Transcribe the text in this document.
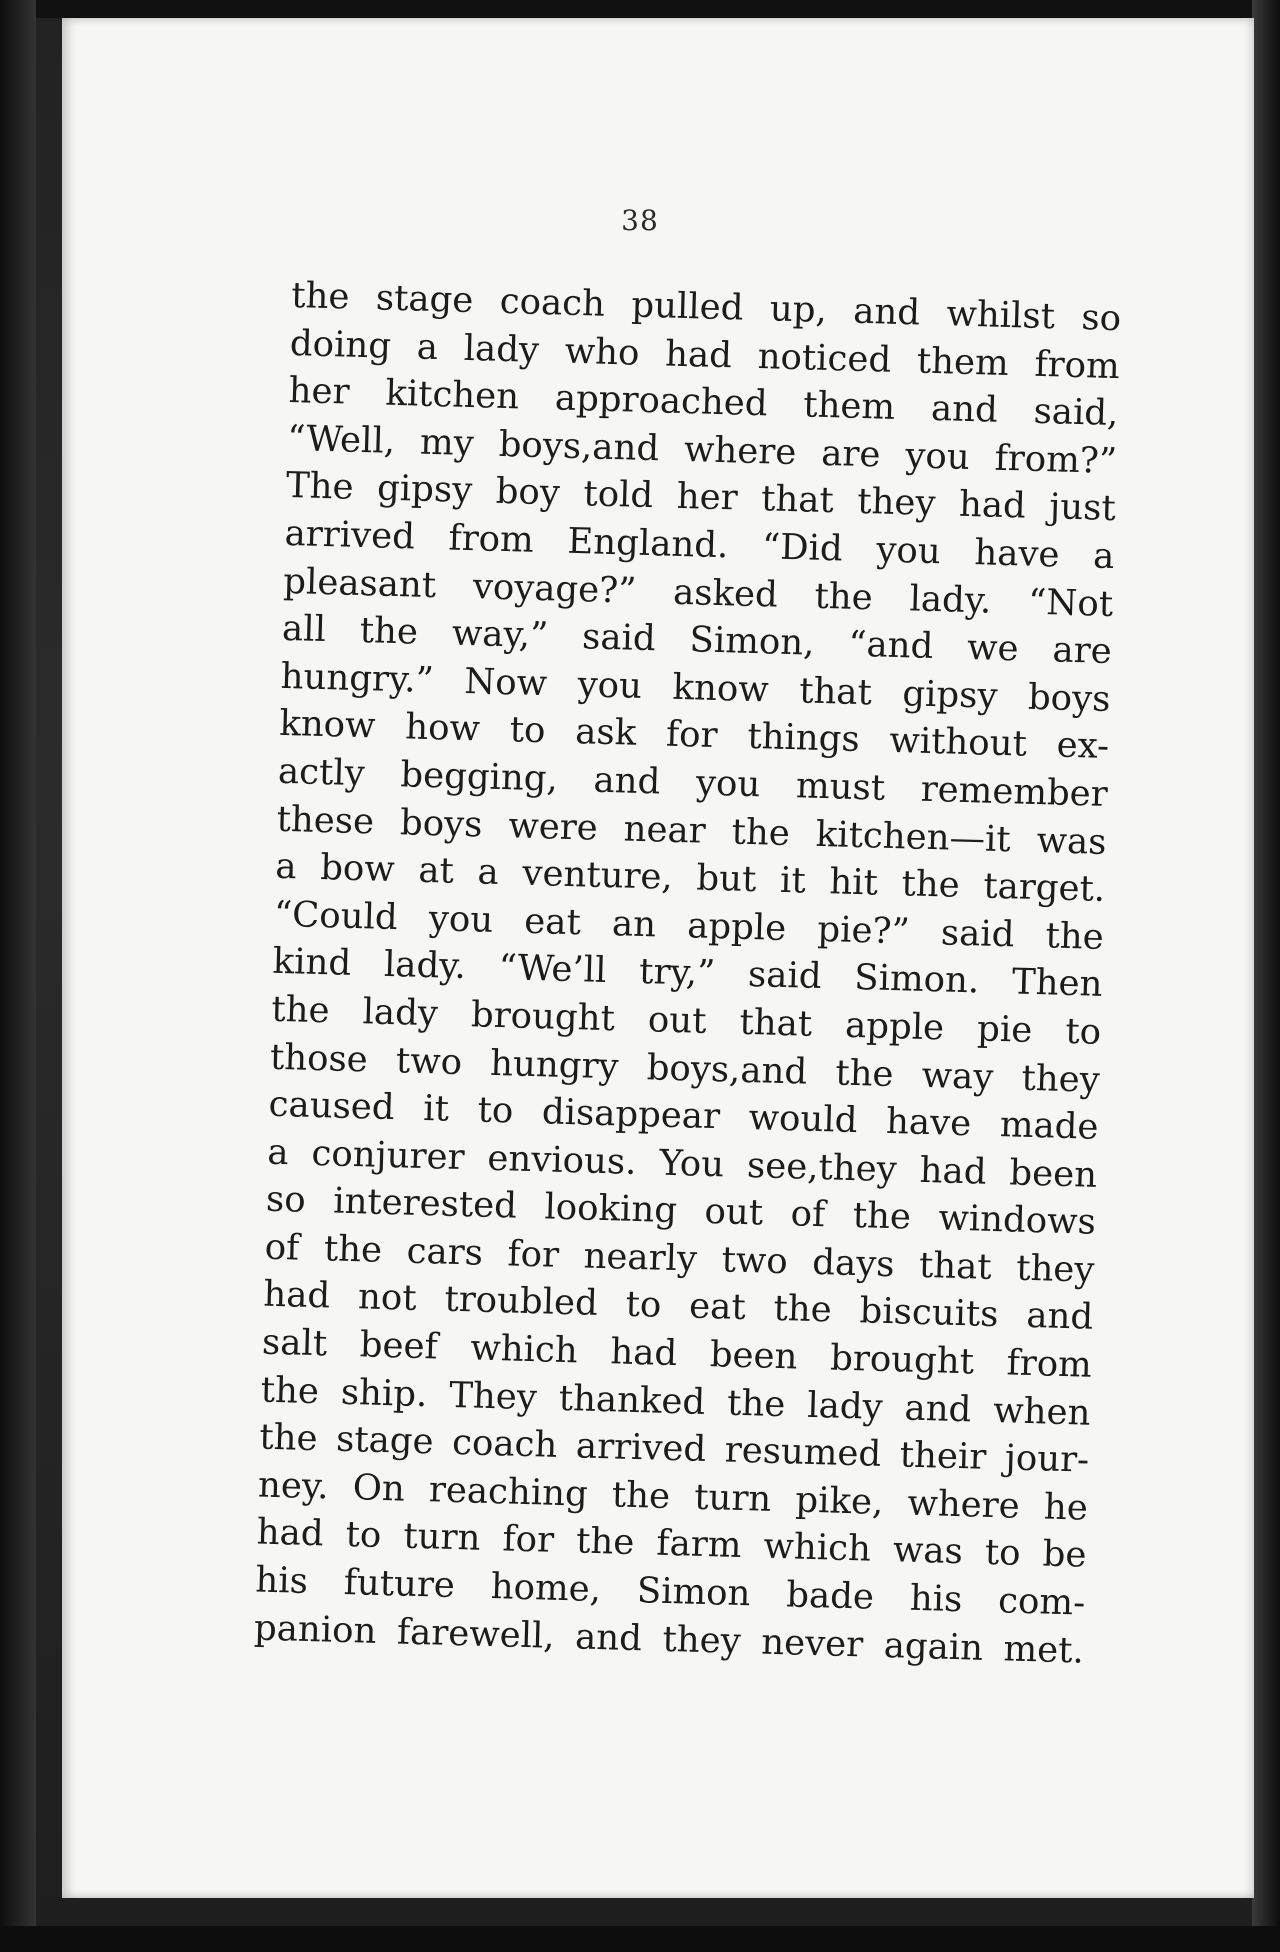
38
the stage coach pulled up, and whilst so
doing a lady who had noticed them from
her kitchen approached them and said,
“Well, my boys,and where are you from?”
The gipsy boy told her that they had just
arrived from England. “Did you have a
pleasant voyage?” asked the lady. “Not
all the way,” said Simon, “and we are
hungry.” Now you know that gipsy boys
know how to ask for things without ex-
actly begging, and you must remember
these boys were near the kitchen—it was
a bow at a venture, but it hit the target.
“Could you eat an apple pie?” said the
kind lady. “We’ll try,” said Simon. Then
the lady brought out that apple pie to
those two hungry boys,and the way they
caused it to disappear would have made
a conjurer envious. You see,they had been
so interested looking out of the windows
of the cars for nearly two days that they
had not troubled to eat the biscuits and
salt beef which had been brought from
the ship. They thanked the lady and when
the stage coach arrived resumed their jour-
ney. On reaching the turn pike, where he
had to turn for the farm which was to be
his future home, Simon bade his com-
panion farewell, and they never again met.
